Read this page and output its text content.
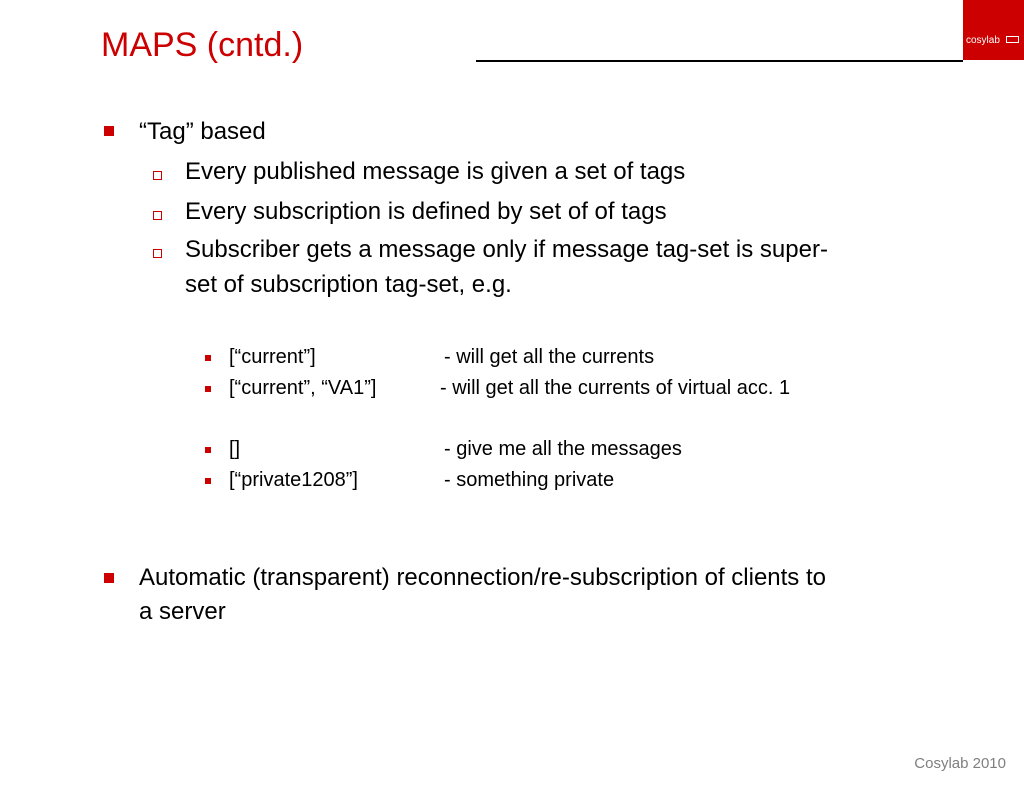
MAPS (cntd.)	cosylab
“Tag” based
Every published message is given a set of tags
Every subscription is defined by set of of tags
Subscriber gets a message only if message tag-set is super-
set of subscription tag-set, e.g.
[“current”]	- will get all the currents
[“current”, “VA1”]	- will get all the currents of virtual acc. 1
[]	- give me all the messages
[“private1208”]	- something private
Automatic (transparent) reconnection/re-subscription of clients to
a server
Cosylab 2010
